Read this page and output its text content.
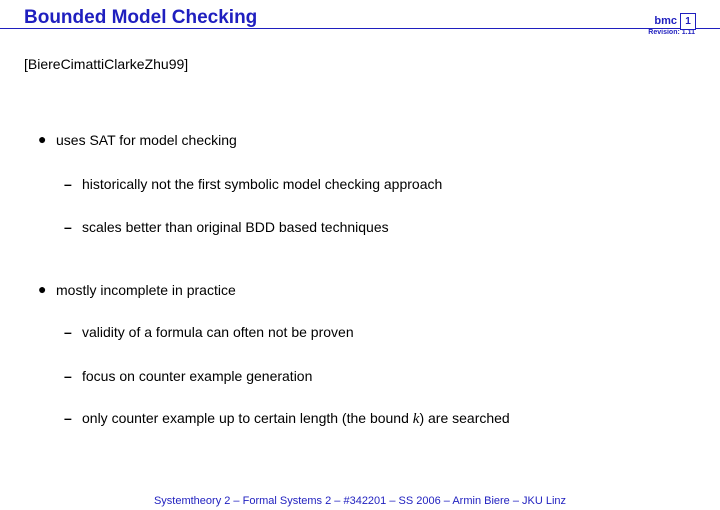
Bounded Model Checking	bmc 1
Revision: 1.11
[BiereCimattiClarkeZhu99]
● uses SAT for model checking
– historically not the first symbolic model checking approach
– scales better than original BDD based techniques
● mostly incomplete in practice
– validity of a formula can often not be proven
– focus on counter example generation
– only counter example up to certain length (the bound k) are searched
Systemtheory 2 – Formal Systems 2 – #342201 – SS 2006 – Armin Biere – JKU Linz
